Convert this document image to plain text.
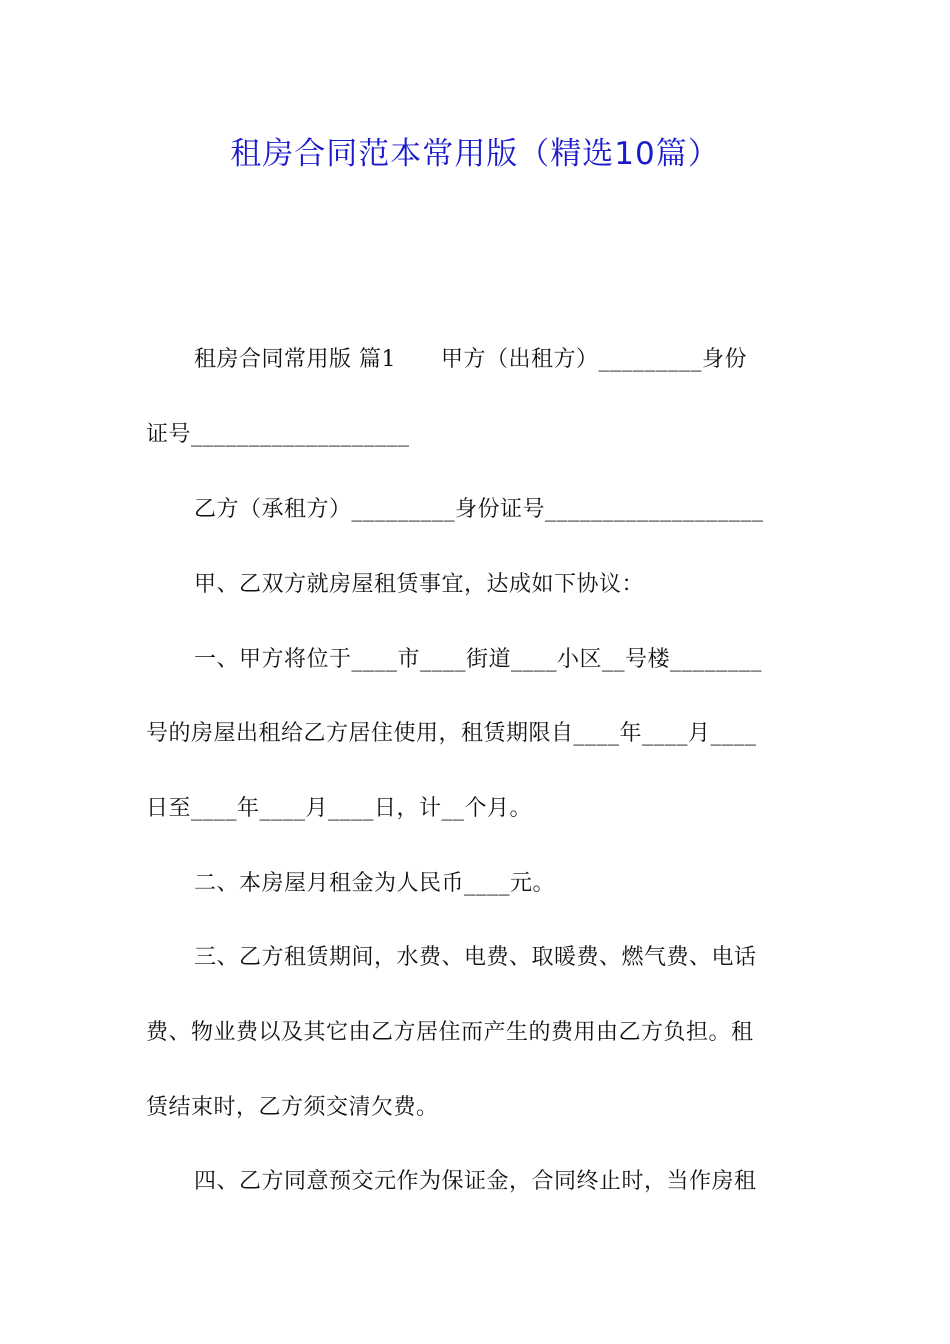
租房合同范本常用版（精选10篇）
租房合同常用版 篇1　　甲方（出租方）_________身份
证号___________________
乙方（承租方）_________身份证号___________________
甲、乙双方就房屋租赁事宜，达成如下协议：
一、甲方将位于____市____街道____小区__号楼________
号的房屋出租给乙方居住使用，租赁期限自____年____月____
日至____年____月____日，计__个月。
二、本房屋月租金为人民币____元。
三、乙方租赁期间，水费、电费、取暖费、燃气费、电话
费、物业费以及其它由乙方居住而产生的费用由乙方负担。租
赁结束时，乙方须交清欠费。
四、乙方同意预交元作为保证金，合同终止时，当作房租
